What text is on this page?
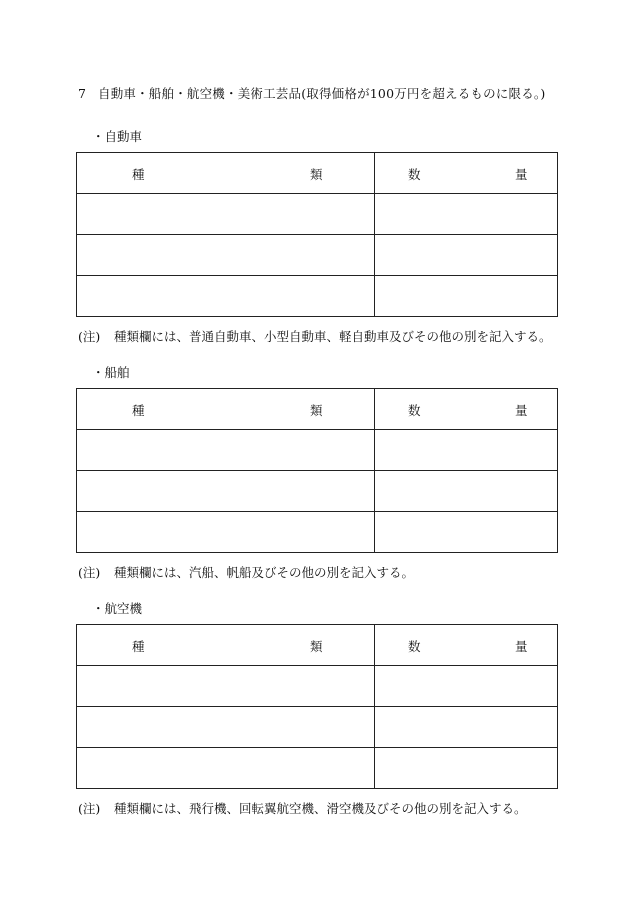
7 自動車・船舶・航空機・美術工芸品(取得価格が100万円を超えるものに限る。)
・自動車
種 類	数 量

(注) 種類欄には、普通自動車、小型自動車、軽自動車及びその他の別を記入する。
・船舶
種 類	数 量

(注) 種類欄には、汽船、帆船及びその他の別を記入する。
・航空機
種 類	数 量

(注) 種類欄には、飛行機、回転翼航空機、滑空機及びその他の別を記入する。
